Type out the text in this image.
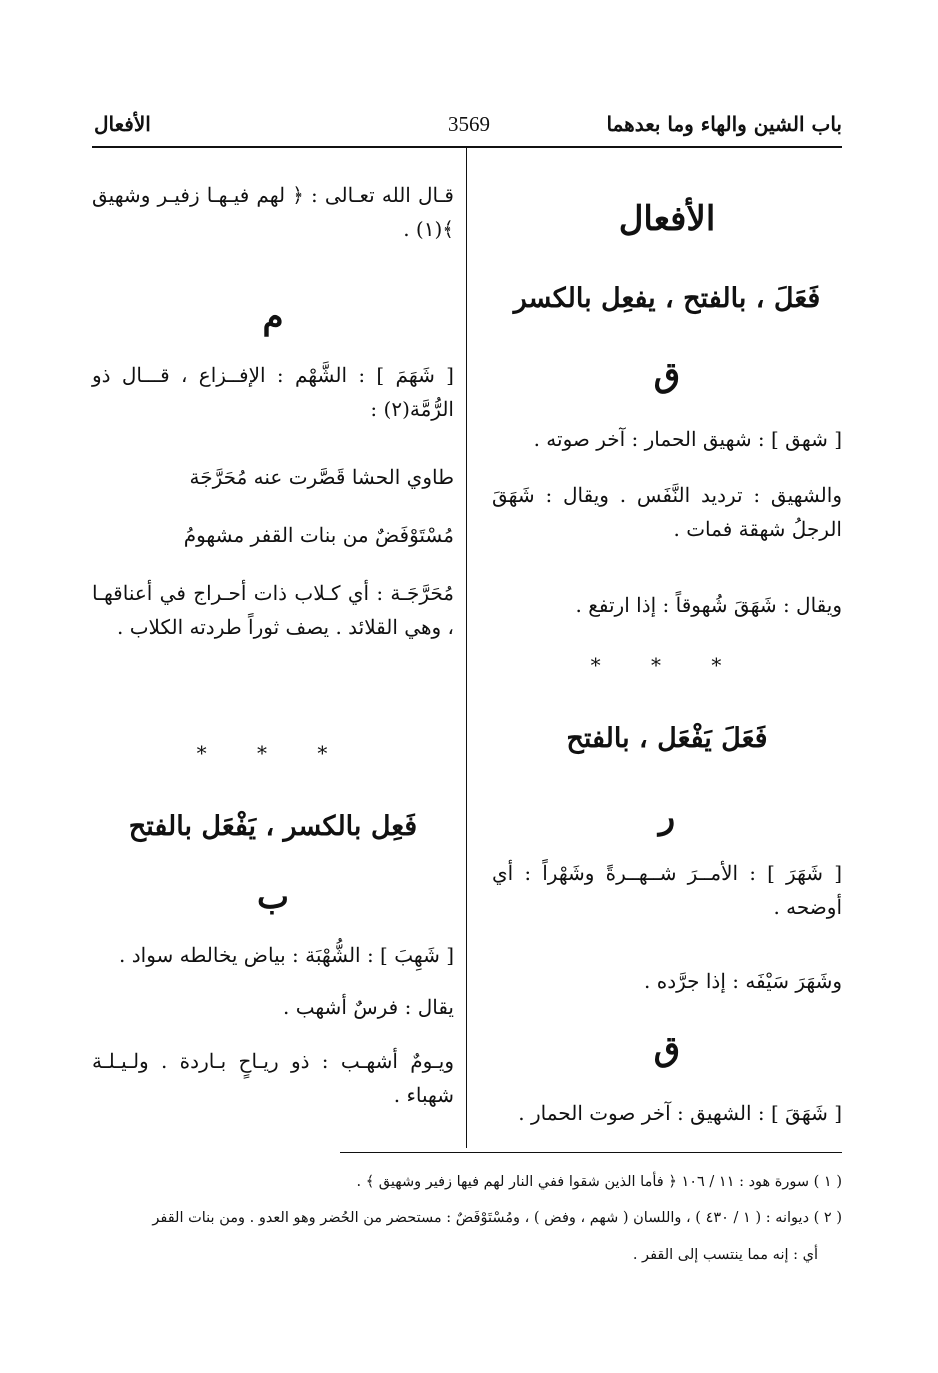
3569	باب الشين والهاء وما بعدهما
الأفعال
الأفعال
فَعَلَ ، بالفتح ، يفعِل بالكسر
ق
[ شهق ] : شهيق الحمار : آخر صوته .
والشهيق : ترديد النَّفَس . ويقال : شَهَقَ الرجلُ شهقة فمات .
ويقال : شَهَقَ شُهوقاً : إذا ارتفع .
* * *
فَعَلَ يَفْعَل ، بالفتح
ر
[ شَهَرَ ] : الأمــرَ شــهــرةً وشَهْراً : أي أوضحه .
وشَهَرَ سَيْفَه : إذا جرَّده .
ق
[ شَهَقَ ] : الشهيق : آخر صوت الحمار .
قـال الله تعـالى : ﴿ لهم فيـهـا زفيـر وشهيق ﴾(١) .
م
[ شَهَمَ ] : الشَّهْم : الإفــزاع ، قـــال ذو الرُّمَّة(٢) :
طاوي الحشا قَصَّرت عنه مُحَرَّجَة
مُسْتَوْفَضٌ من بنات القفر مشهومُ
مُحَرَّجَـة : أي كـلاب ذات أحـراج في أعناقهـا ، وهي القلائد . يصف ثوراً طردته الكلاب .
* * *
فَعِل بالكسر ، يَفْعَل بالفتح
ب
[ شَهِبَ ] : الشُّهْبَة : بياض يخالطه سواد .
يقال : فرسٌ أشهب .
ويـومٌ أشهـب : ذو ريـاحٍ بـاردة . ولـيـلـة شهباء .
( ١ ) سورة هود : ١١ / ١٠٦ ﴿ فأما الذين شقوا ففي النار لهم فيها زفير وشهيق ﴾ .
( ٢ ) ديوانه : ( ١ / ٤٣٠ ) ، واللسان ( شهم ، وفض ) ، ومُسْتَوْفَضٌ : مستحضر من الحُضر وهو العدو . ومن بنات القفر
أي : إنه مما ينتسب إلى القفر .
